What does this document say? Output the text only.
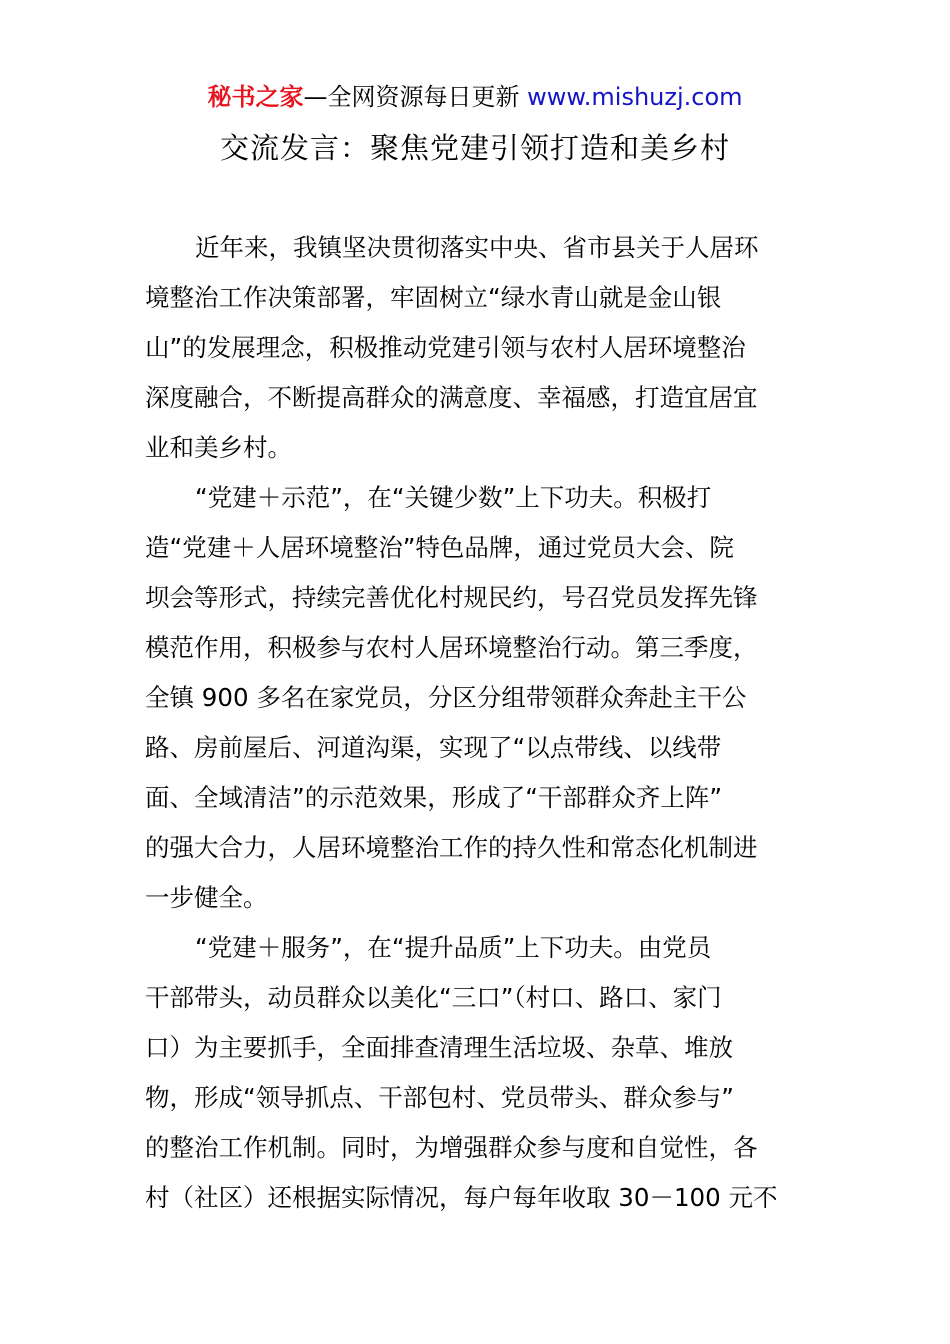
秘书之家—全网资源每日更新 www.mishuzj.com
交流发言：聚焦党建引领打造和美乡村
近年来，我镇坚决贯彻落实中央、省市县关于人居环
境整治工作决策部署，牢固树立“绿水青山就是金山银
山”的发展理念，积极推动党建引领与农村人居环境整治
深度融合，不断提高群众的满意度、幸福感，打造宜居宜
业和美乡村。
“党建＋示范”，在“关键少数”上下功夫。积极打
造“党建＋人居环境整治”特色品牌，通过党员大会、院
坝会等形式，持续完善优化村规民约，号召党员发挥先锋
模范作用，积极参与农村人居环境整治行动。第三季度，
全镇 900 多名在家党员，分区分组带领群众奔赴主干公
路、房前屋后、河道沟渠，实现了“以点带线、以线带
面、全域清洁”的示范效果，形成了“干部群众齐上阵”
的强大合力，人居环境整治工作的持久性和常态化机制进
一步健全。
“党建＋服务”，在“提升品质”上下功夫。由党员
干部带头，动员群众以美化“三口”（村口、路口、家门
口）为主要抓手，全面排查清理生活垃圾、杂草、堆放
物，形成“领导抓点、干部包村、党员带头、群众参与”
的整治工作机制。同时，为增强群众参与度和自觉性，各
村（社区）还根据实际情况，每户每年收取 30－100 元不
